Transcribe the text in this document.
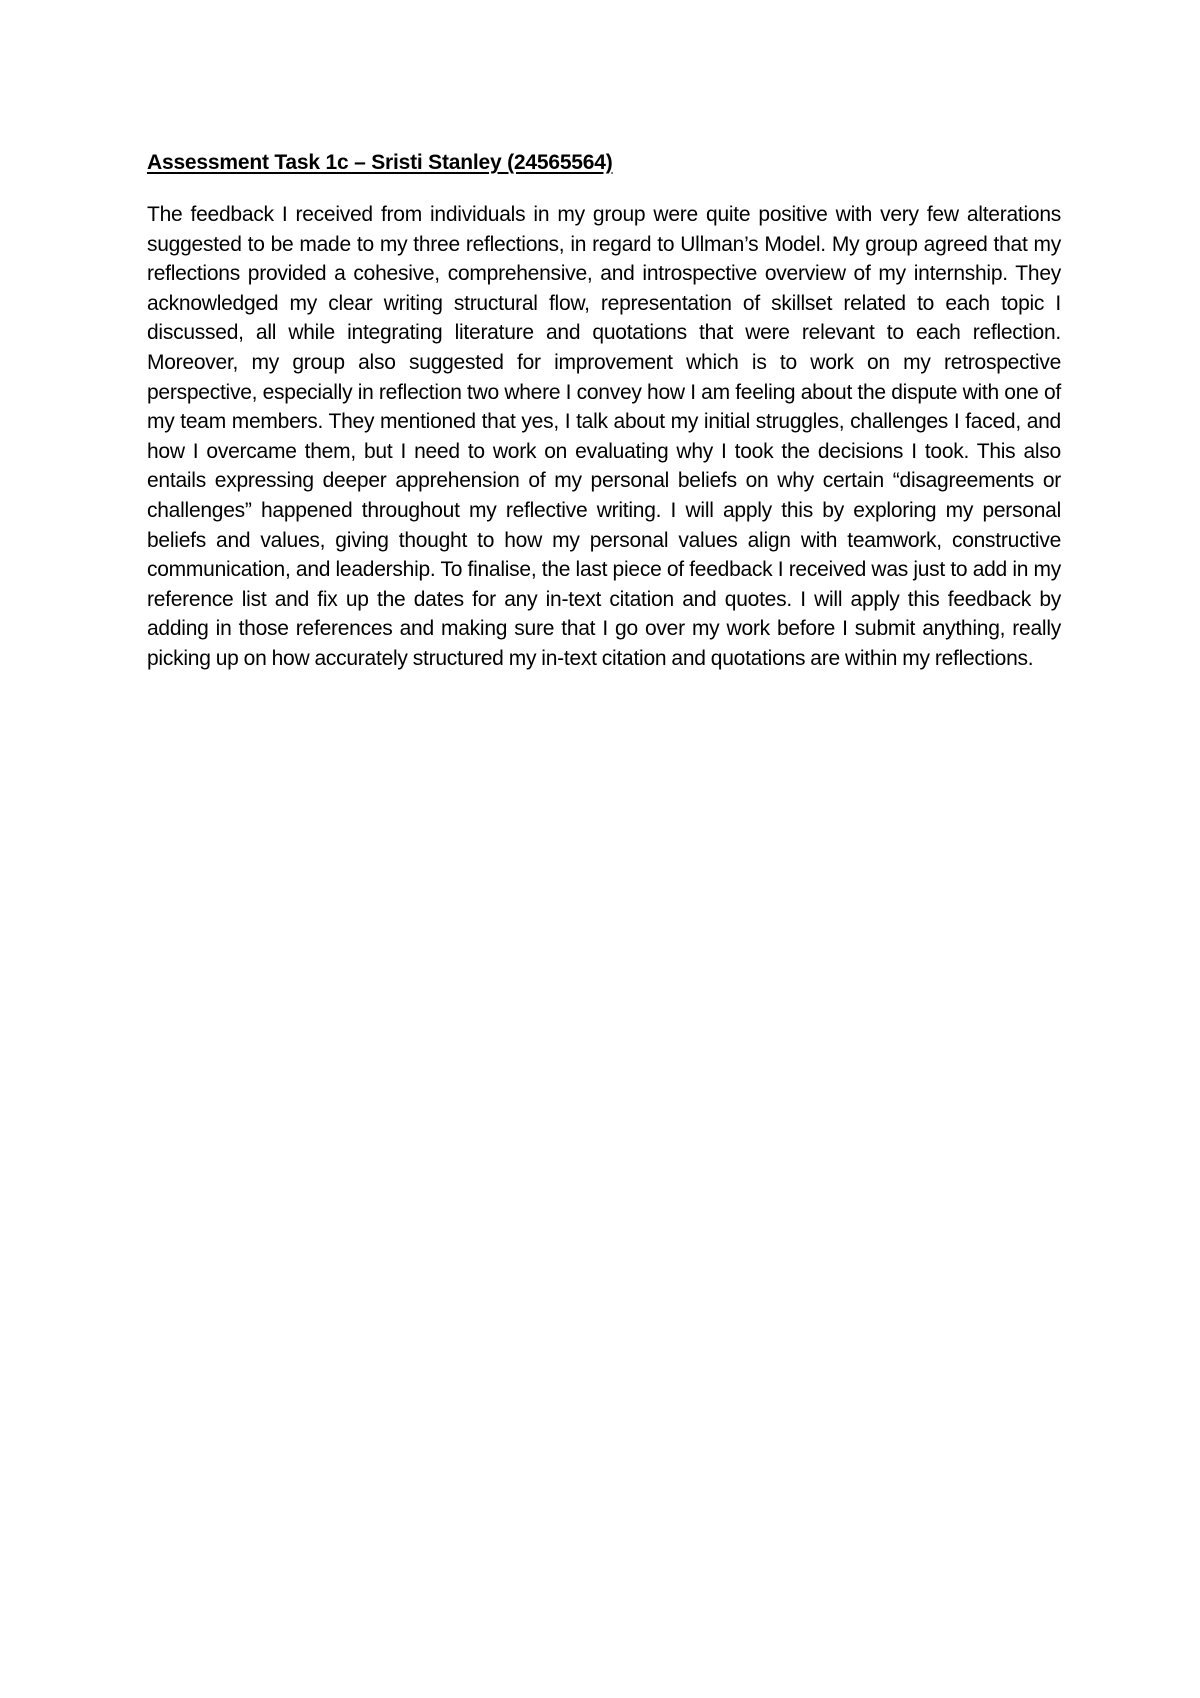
Assessment Task 1c – Sristi Stanley (24565564)

The feedback I received from individuals in my group were quite positive with very few alterations suggested to be made to my three reflections, in regard to Ullman’s Model. My group agreed that my reflections provided a cohesive, comprehensive, and introspective overview of my internship. They acknowledged my clear writing structural flow, representation of skillset related to each topic I discussed, all while integrating literature and quotations that were relevant to each reflection. Moreover, my group also suggested for improvement which is to work on my retrospective perspective, especially in reflection two where I convey how I am feeling about the dispute with one of my team members. They mentioned that yes, I talk about my initial struggles, challenges I faced, and how I overcame them, but I need to work on evaluating why I took the decisions I took. This also entails expressing deeper apprehension of my personal beliefs on why certain “disagreements or challenges” happened throughout my reflective writing. I will apply this by exploring my personal beliefs and values, giving thought to how my personal values align with teamwork, constructive communication, and leadership. To finalise, the last piece of feedback I received was just to add in my reference list and fix up the dates for any in-text citation and quotes. I will apply this feedback by adding in those references and making sure that I go over my work before I submit anything, really picking up on how accurately structured my in-text citation and quotations are within my reflections.
